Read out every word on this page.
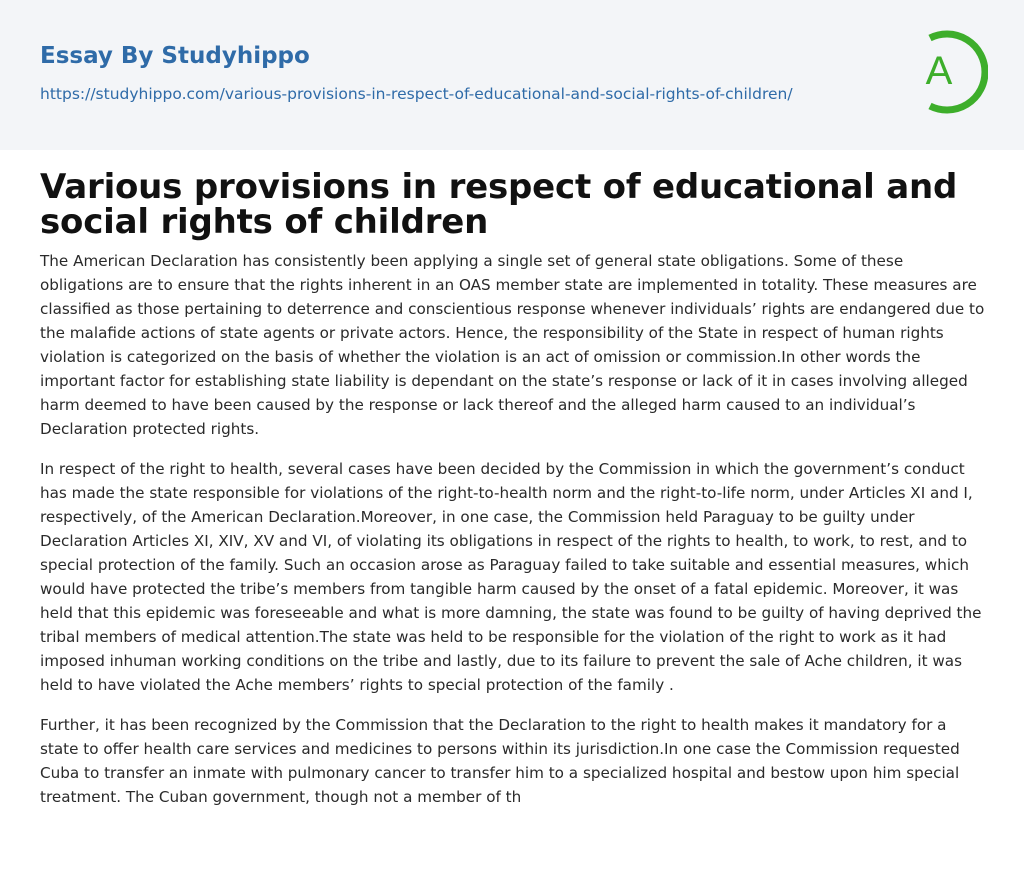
Essay By Studyhippo
https://studyhippo.com/various-provisions-in-respect-of-educational-and-social-rights-of-children/
A
Various provisions in respect of educational and social rights of children

The American Declaration has consistently been applying a single set of general state obligations. Some of these obligations are to ensure that the rights inherent in an OAS member state are implemented in totality. These measures are classified as those pertaining to deterrence and conscientious response whenever individuals’ rights are endangered due to the malafide actions of state agents or private actors. Hence, the responsibility of the State in respect of human rights violation is categorized on the basis of whether the violation is an act of omission or commission.In other words the important factor for establishing state liability is dependant on the state’s response or lack of it in cases involving alleged harm deemed to have been caused by the response or lack thereof and the alleged harm caused to an individual’s Declaration protected rights.

In respect of the right to health, several cases have been decided by the Commission in which the government’s conduct has made the state responsible for violations of the right-to-health norm and the right-to-life norm, under Articles XI and I, respectively, of the American Declaration.Moreover, in one case, the Commission held Paraguay to be guilty under Declaration Articles XI, XIV, XV and VI, of violating its obligations in respect of the rights to health, to work, to rest, and to special protection of the family. Such an occasion arose as Paraguay failed to take suitable and essential measures, which would have protected the tribe’s members from tangible harm caused by the onset of a fatal epidemic. Moreover, it was held that this epidemic was foreseeable and what is more damning, the state was found to be guilty of having deprived the tribal members of medical attention.The state was held to be responsible for the violation of the right to work as it had imposed inhuman working conditions on the tribe and lastly, due to its failure to prevent the sale of Ache children, it was held to have violated the Ache members’ rights to special protection of the family .

Further, it has been recognized by the Commission that the Declaration to the right to health makes it mandatory for a state to offer health care services and medicines to persons within its jurisdiction.In one case the Commission requested Cuba to transfer an inmate with pulmonary cancer to transfer him to a specialized hospital and bestow upon him special treatment. The Cuban government, though not a member of th
